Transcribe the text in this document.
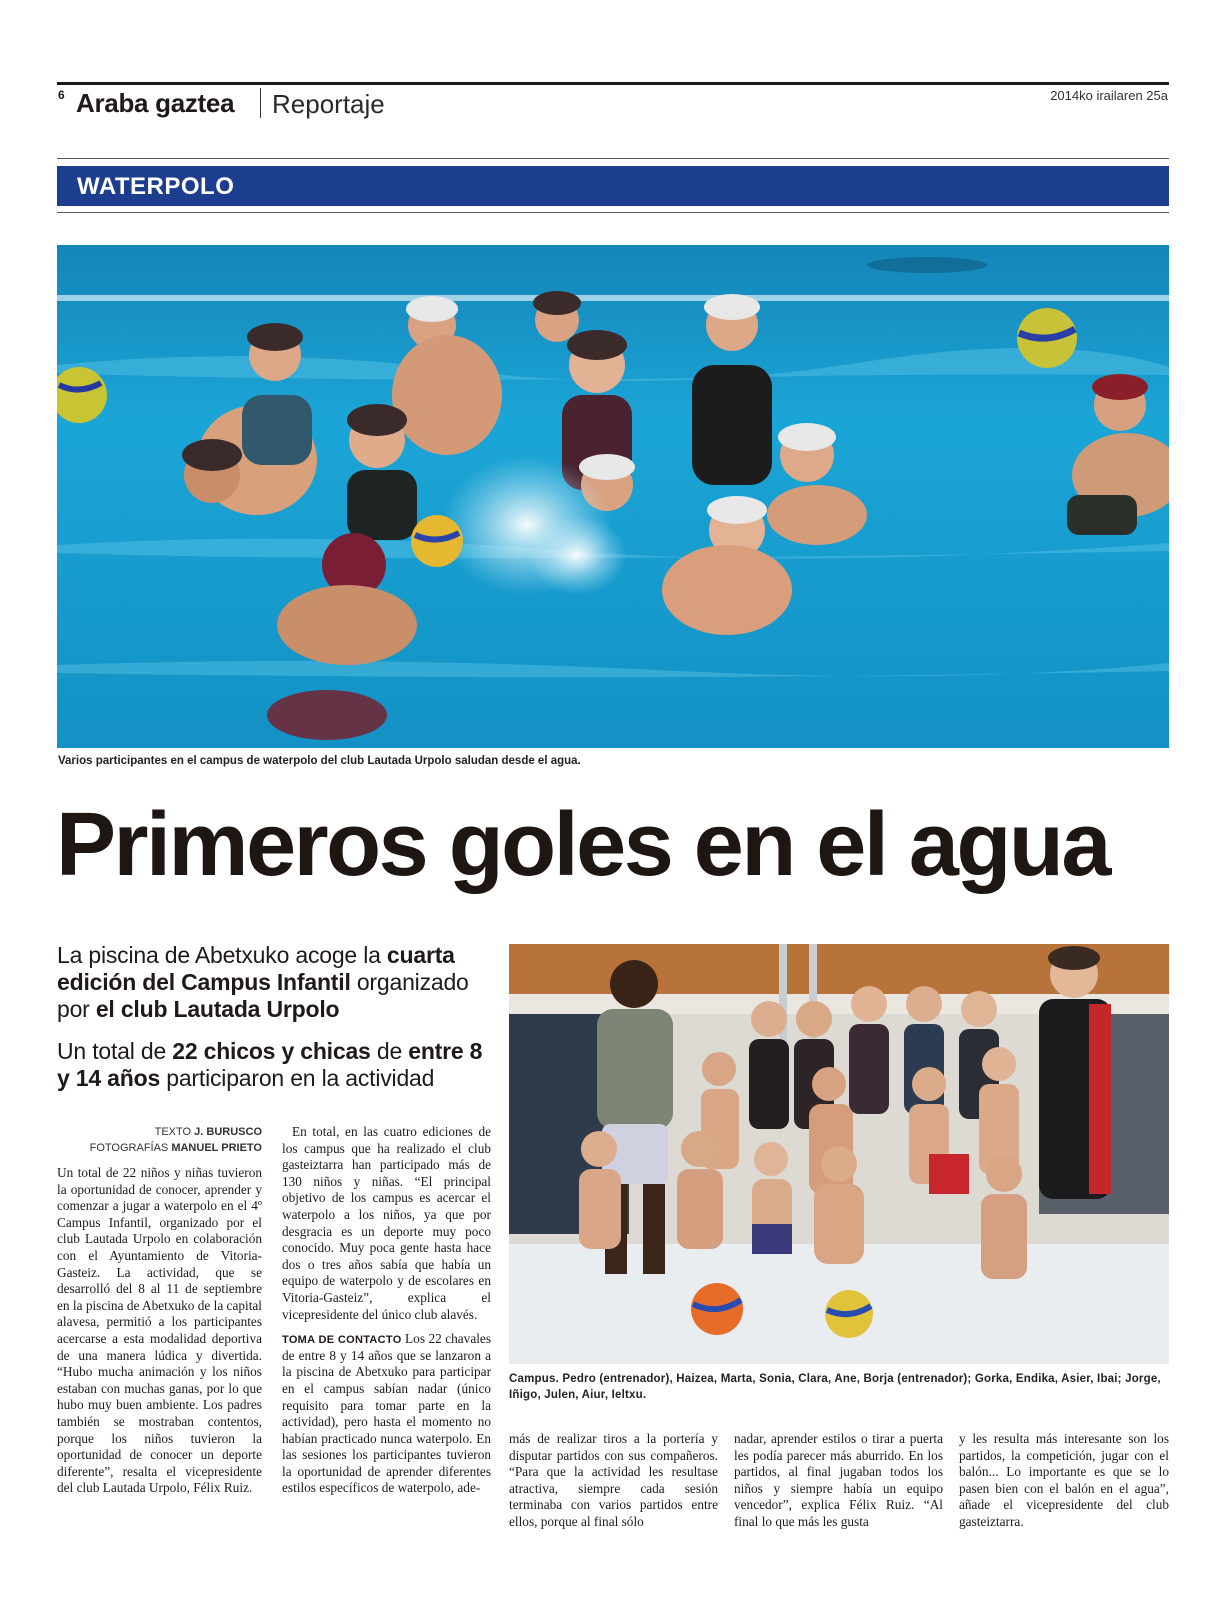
6 Araba gaztea Reportaje	2014ko irailaren 25a
WATERPOLO
Varios participantes en el campus de waterpolo del club Lautada Urpolo saludan desde el agua.
Primeros goles en el agua
La piscina de Abetxuko acoge la cuarta edición del Campus Infantil organizado por el club Lautada Urpolo
Un total de 22 chicos y chicas de entre 8 y 14 años participaron en la actividad
TEXTO J. BURUSCO
FOTOGRAFÍAS MANUEL PRIETO

Un total de 22 niños y niñas tuvieron la oportunidad de conocer, aprender y comenzar a jugar a waterpolo en el 4º Campus Infantil, organizado por el club Lautada Urpolo en colaboración con el Ayuntamiento de Vitoria-Gasteiz. La actividad, que se desarrolló del 8 al 11 de septiembre en la piscina de Abetxuko de la capital alavesa, permitió a los participantes acercarse a esta modalidad deportiva de una manera lúdica y divertida. “Hubo mucha animación y los niños estaban con muchas ganas, por lo que hubo muy buen ambiente. Los padres también se mostraban contentos, porque los niños tuvieron la oportunidad de conocer un deporte diferente”, resalta el vicepresidente del club Lautada Urpolo, Félix Ruiz.

En total, en las cuatro ediciones de los campus que ha realizado el club gasteiztarra han participado más de 130 niños y niñas. “El principal objetivo de los campus es acercar el waterpolo a los niños, ya que por desgracia es un deporte muy poco conocido. Muy poca gente hasta hace dos o tres años sabía que había un equipo de waterpolo y de escolares en Vitoria-Gasteiz”, explica el vicepresidente del único club alavés.

TOMA DE CONTACTO Los 22 chavales de entre 8 y 14 años que se lanzaron a la piscina de Abetxuko para participar en el campus sabían nadar (único requisito para tomar parte en la actividad), pero hasta el momento no habían practicado nunca waterpolo. En las sesiones los participantes tuvieron la oportunidad de aprender diferentes estilos específicos de waterpolo, ade-

Campus. Pedro (entrenador), Haizea, Marta, Sonia, Clara, Ane, Borja (entrenador); Gorka, Endika, Asier, Ibai; Jorge, Iñigo, Julen, Aiur, Ieltxu.

más de realizar tiros a la portería y disputar partidos con sus compañeros. “Para que la actividad les resultase atractiva, siempre cada sesión terminaba con varios partidos entre ellos, porque al final sólo

nadar, aprender estilos o tirar a puerta les podía parecer más aburrido. En los partidos, al final jugaban todos los niños y siempre había un equipo vencedor”, explica Félix Ruiz. “Al final lo que más les gusta

y les resulta más interesante son los partidos, la competición, jugar con el balón... Lo importante es que se lo pasen bien con el balón en el agua”, añade el vicepresidente del club gasteiztarra.
